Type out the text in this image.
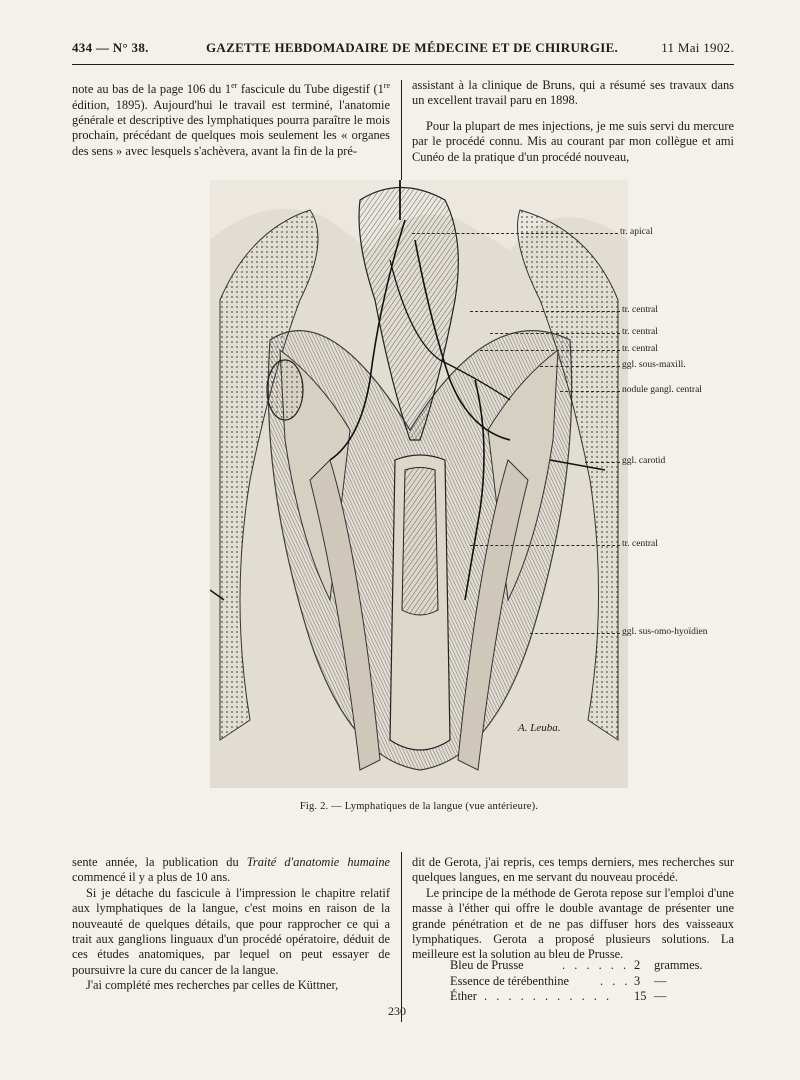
434 — N° 38.	GAZETTE HEBDOMADAIRE DE MÉDECINE ET DE CHIRURGIE.	11 Mai 1902.

note au bas de la page 106 du 1er fascicule du Tube digestif (1re édition, 1895). Aujourd'hui le travail est terminé, l'anatomie générale et descriptive des lymphatiques pourra paraître le mois prochain, précédant de quelques mois seulement les « organes des sens » avec lesquels s'achèvera, avant la fin de la pré-

assistant à la clinique de Bruns, qui a résumé ses travaux dans un excellent travail paru en 1898.

Pour la plupart de mes injections, je me suis servi du mercure par le procédé connu. Mis au courant par mon collègue et ami Cunéo de la pratique d'un procédé nouveau,

tr. apical
tr. central
tr. central
tr. central
ggl. sous-maxill.
nodule gangl. central
ggl. carotid
tr. central
ggl. sus-omo-hyoïdien
A. Leuba.
Fig. 2. — Lymphatiques de la langue (vue antérieure).

sente année, la publication du Traité d'anatomie humaine commencé il y a plus de 10 ans.

Si je détache du fascicule à l'impression le chapitre relatif aux lymphatiques de la langue, c'est moins en raison de la nouveauté de quelques détails, que pour rapprocher ce qui a trait aux ganglions linguaux d'un procédé opératoire, déduit de ces études anatomiques, par lequel on peut essayer de poursuivre la cure du cancer de la langue.

J'ai complété mes recherches par celles de Küttner,

dit de Gerota, j'ai repris, ces temps derniers, mes recherches sur quelques langues, en me servant du nouveau procédé.

Le principe de la méthode de Gerota repose sur l'emploi d'une masse à l'éther qui offre le double avantage de présenter une grande pénétration et de ne pas diffuser hors des vaisseaux lymphatiques. Gerota a proposé plusieurs solutions. La meilleure est la solution au bleu de Prusse.

Bleu de Prusse	. . . . . . 2 grammes.
Essence de térébenthine . . . 3 —
Éther . . . . . . . . . . . 15 —
230
